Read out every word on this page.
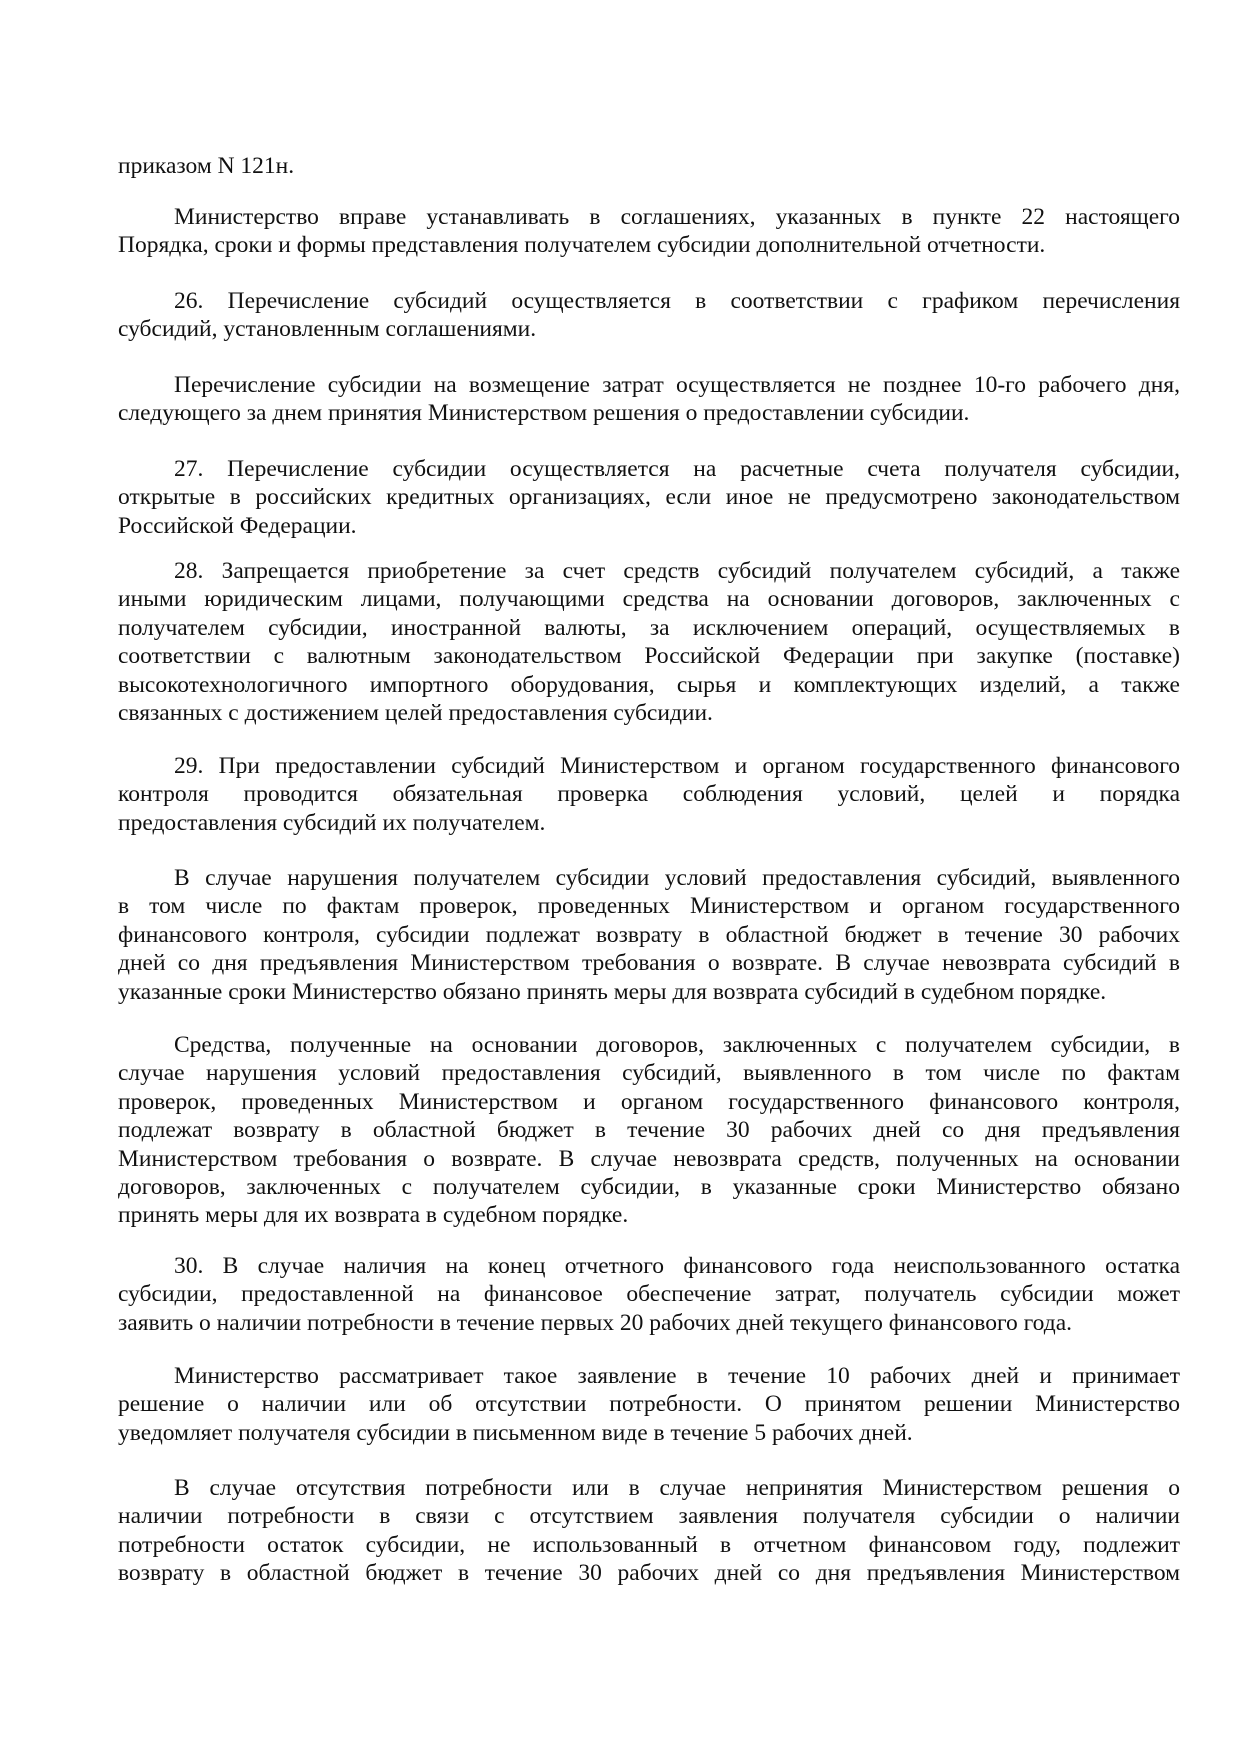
приказом N 121н.
Министерство вправе устанавливать в соглашениях, указанных в пункте 22 настоящего
Порядка, сроки и формы представления получателем субсидии дополнительной отчетности.
26. Перечисление субсидий осуществляется в соответствии с графиком перечисления
субсидий, установленным соглашениями.
Перечисление субсидии на возмещение затрат осуществляется не позднее 10-го рабочего дня,
следующего за днем принятия Министерством решения о предоставлении субсидии.
27. Перечисление субсидии осуществляется на расчетные счета получателя субсидии,
открытые в российских кредитных организациях, если иное не предусмотрено законодательством
Российской Федерации.
28. Запрещается приобретение за счет средств субсидий получателем субсидий, а также
иными юридическим лицами, получающими средства на основании договоров, заключенных с
получателем субсидии, иностранной валюты, за исключением операций, осуществляемых в
соответствии с валютным законодательством Российской Федерации при закупке (поставке)
высокотехнологичного импортного оборудования, сырья и комплектующих изделий, а также
связанных с достижением целей предоставления субсидии.
29. При предоставлении субсидий Министерством и органом государственного финансового
контроля проводится обязательная проверка соблюдения условий, целей и порядка
предоставления субсидий их получателем.
В случае нарушения получателем субсидии условий предоставления субсидий, выявленного
в том числе по фактам проверок, проведенных Министерством и органом государственного
финансового контроля, субсидии подлежат возврату в областной бюджет в течение 30 рабочих
дней со дня предъявления Министерством требования о возврате. В случае невозврата субсидий в
указанные сроки Министерство обязано принять меры для возврата субсидий в судебном порядке.
Средства, полученные на основании договоров, заключенных с получателем субсидии, в
случае нарушения условий предоставления субсидий, выявленного в том числе по фактам
проверок, проведенных Министерством и органом государственного финансового контроля,
подлежат возврату в областной бюджет в течение 30 рабочих дней со дня предъявления
Министерством требования о возврате. В случае невозврата средств, полученных на основании
договоров, заключенных с получателем субсидии, в указанные сроки Министерство обязано
принять меры для их возврата в судебном порядке.
30. В случае наличия на конец отчетного финансового года неиспользованного остатка
субсидии, предоставленной на финансовое обеспечение затрат, получатель субсидии может
заявить о наличии потребности в течение первых 20 рабочих дней текущего финансового года.
Министерство рассматривает такое заявление в течение 10 рабочих дней и принимает
решение о наличии или об отсутствии потребности. О принятом решении Министерство
уведомляет получателя субсидии в письменном виде в течение 5 рабочих дней.
В случае отсутствия потребности или в случае непринятия Министерством решения о
наличии потребности в связи с отсутствием заявления получателя субсидии о наличии
потребности остаток субсидии, не использованный в отчетном финансовом году, подлежит
возврату в областной бюджет в течение 30 рабочих дней со дня предъявления Министерством
